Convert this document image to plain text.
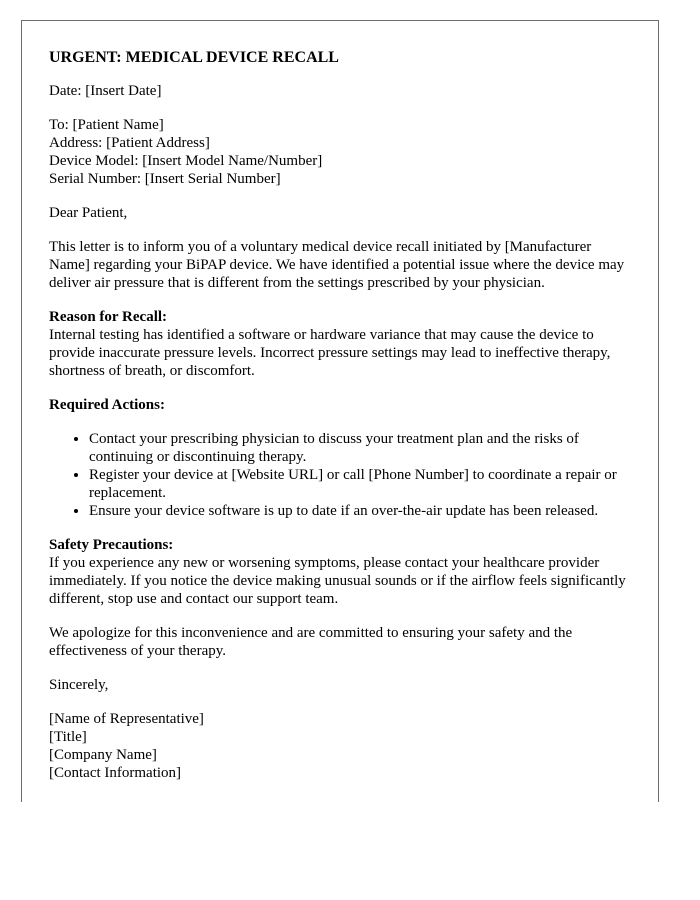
URGENT: MEDICAL DEVICE RECALL

Date: [Insert Date]

To: [Patient Name]
Address: [Patient Address]
Device Model: [Insert Model Name/Number]
Serial Number: [Insert Serial Number]

Dear Patient,

This letter is to inform you of a voluntary medical device recall initiated by [Manufacturer Name] regarding your BiPAP device. We have identified a potential issue where the device may deliver air pressure that is different from the settings prescribed by your physician.

Reason for Recall:
Internal testing has identified a software or hardware variance that may cause the device to provide inaccurate pressure levels. Incorrect pressure settings may lead to ineffective therapy, shortness of breath, or discomfort.

Required Actions:
• Contact your prescribing physician to discuss your treatment plan and the risks of continuing or discontinuing therapy.
• Register your device at [Website URL] or call [Phone Number] to coordinate a repair or replacement.
• Ensure your device software is up to date if an over-the-air update has been released.

Safety Precautions:
If you experience any new or worsening symptoms, please contact your healthcare provider immediately. If you notice the device making unusual sounds or if the airflow feels significantly different, stop use and contact our support team.

We apologize for this inconvenience and are committed to ensuring your safety and the effectiveness of your therapy.

Sincerely,

[Name of Representative]
[Title]
[Company Name]
[Contact Information]
